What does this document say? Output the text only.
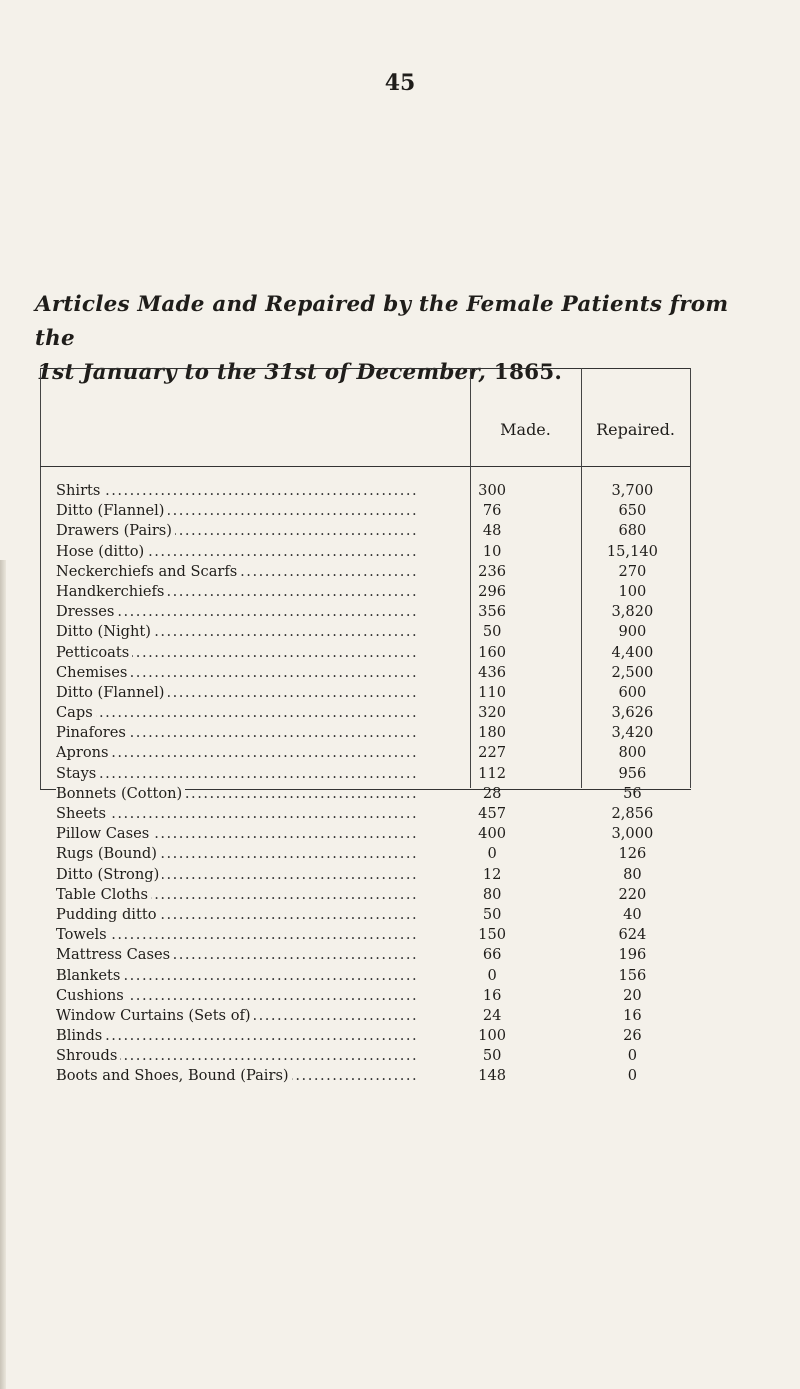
45
Articles Made and Repaired by the Female Patients from the
1st January to the 31st of December, 1865.
Made.	Repaired.
Shirts .....	300	3,700
Ditto (Flannel) .....	76	650
Drawers (Pairs) .....	48	680
Hose (ditto) .....	10	15,140
Neckerchiefs and Scarfs .....	236	270
Handkerchiefs .....	296	100
Dresses .....	356	3,820
Ditto (Night) .....	50	900
Petticoats .....	160	4,400
Chemises .....	436	2,500
Ditto (Flannel) .....	110	600
Caps .....	320	3,626
Pinafores .....	180	3,420
Aprons .....	227	800
Stays .....	112	956
Bonnets (Cotton) .....	28	56
Sheets .....	457	2,856
Pillow Cases .....	400	3,000
Rugs (Bound) .....	0	126
Ditto (Strong) .....	12	80
Table Cloths .....	80	220
Pudding ditto .....	50	40
Towels .....	150	624
Mattress Cases .....	66	196
Blankets .....	0	156
Cushions .....	16	20
Window Curtains (Sets of) .....	24	16
Blinds .....	100	26
Shrouds .....	50	0
Boots and Shoes, Bound (Pairs) .....	148	0
